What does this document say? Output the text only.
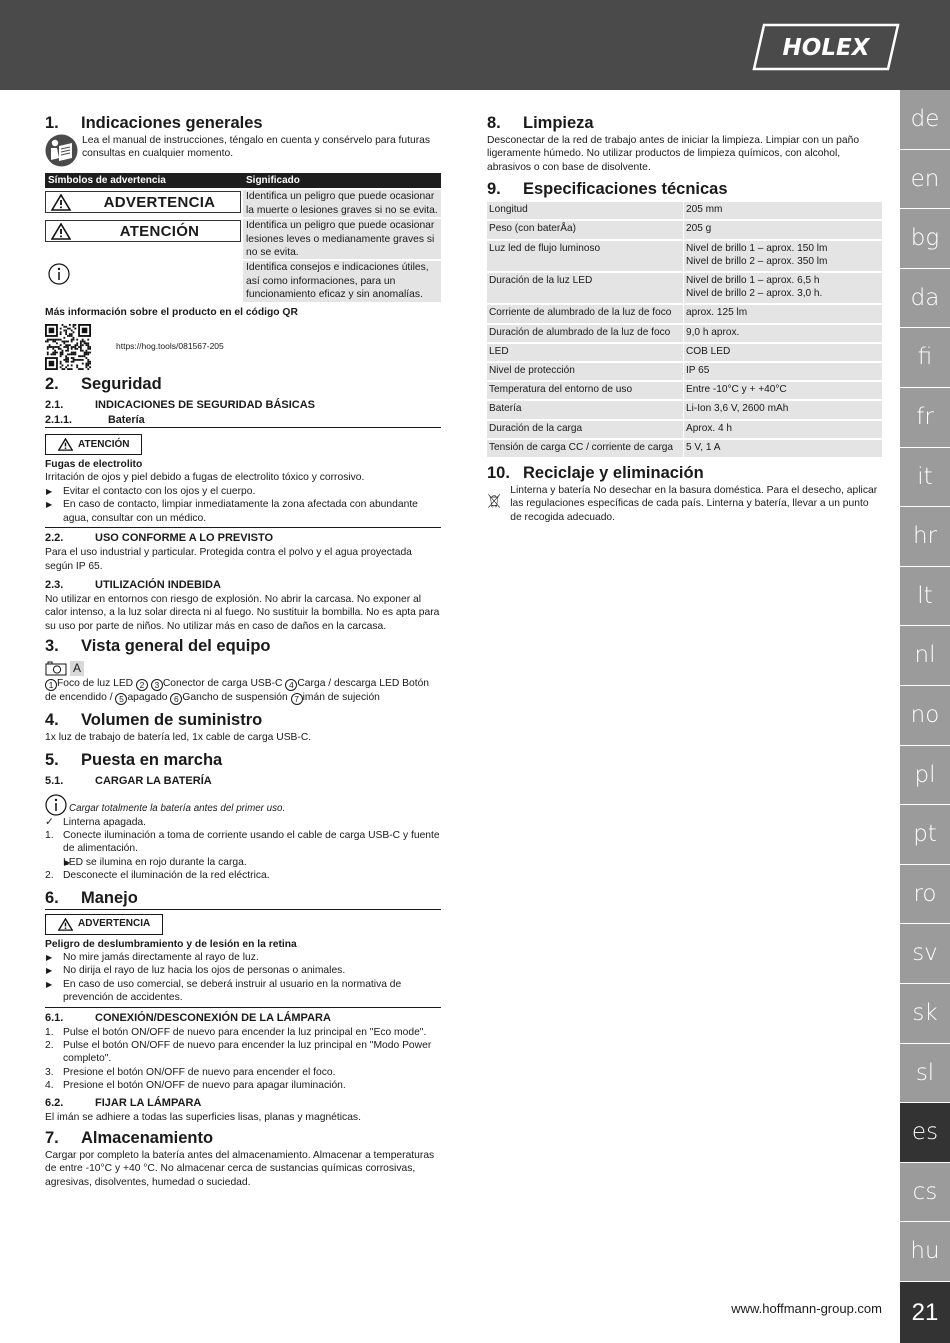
HOLEX
de
en
bg
da
fi
fr
it
hr
lt
nl
no
pl
pt
ro
sv
sk
sl
es
cs
hu
www.hoffmann-group.com	21
1.	Indicaciones generales

Lea el manual de instrucciones, téngalo en cuenta y consérvelo para futuras consultas en cualquier momento.

Símbolos de advertencia	Significado

ADVERTENCIA	Identifica un peligro que puede ocasionar la muerte o lesiones graves si no se evita.

ATENCIÓN	Identifica un peligro que puede ocasionar lesiones leves o medianamente graves si no se evita.
	Identifica consejos e indicaciones útiles, así como informaciones, para un funcionamiento eficaz y sin anomalías.

Más información sobre el producto en el código QR

https://hog.tools/081567-205
2.	Seguridad
2.1.	INDICACIONES DE SEGURIDAD BÁSICAS
2.1.1.	Batería
ATENCIÓN

Fugas de electrolito

Irritación de ojos y piel debido a fugas de electrolito tóxico y corrosivo.

▶ Evitar el contacto con los ojos y el cuerpo.
▶ En caso de contacto, limpiar inmediatamente la zona afectada con abundante agua, consultar con un médico.
2.2.	USO CONFORME A LO PREVISTO

Para el uso industrial y particular. Protegida contra el polvo y el agua proyectada según IP 65.

2.3.	UTILIZACIÓN INDEBIDA

No utilizar en entornos con riesgo de explosión. No abrir la carcasa. No exponer al calor intenso, a la luz solar directa ni al fuego. No sustituir la bombilla. No es apta para su uso por parte de niños. No utilizar más en caso de daños en la carcasa.

3.	Vista general del equipo
A

1 Foco de luz LED 2 3 Conector de carga USB-C 4 Carga / descarga LED Botón de encendido / 5 apagado 6 Gancho de suspensión 7 imán de sujeción

4.	Volumen de suministro

1x luz de trabajo de batería led, 1x cable de carga USB-C.

5.	Puesta en marcha
5.1.	CARGAR LA BATERÍA
Cargar totalmente la batería antes del primer uso.

✓ Linterna apagada.

1. Conecte iluminación a toma de corriente usando el cable de carga USB-C y fuente de alimentación.
▶ LED se ilumina en rojo durante la carga.
2. Desconecte el iluminación de la red eléctrica.
6.	Manejo
ADVERTENCIA

Peligro de deslumbramiento y de lesión en la retina

▶ No mire jamás directamente al rayo de luz.
▶ No dirija el rayo de luz hacia los ojos de personas o animales.
▶ En caso de uso comercial, se deberá instruir al usuario en la normativa de prevención de accidentes.
6.1.	CONEXIÓN/DESCONEXIÓN DE LA LÁMPARA
1. Pulse el botón ON/OFF de nuevo para encender la luz principal en "Eco mode".
2. Pulse el botón ON/OFF de nuevo para encender la luz principal en "Modo Power completo".
3. Presione el botón ON/OFF de nuevo para encender el foco.
4. Presione el botón ON/OFF de nuevo para apagar iluminación.
6.2.	FIJAR LA LÁMPARA

El imán se adhiere a todas las superficies lisas, planas y magnéticas.

7.	Almacenamiento

Cargar por completo la batería antes del almacenamiento. Almacenar a temperaturas de entre -10°C y +40 °C. No almacenar cerca de sustancias químicas corrosivas, agresivas, disolventes, humedad o suciedad.

8.	Limpieza

Desconectar de la red de trabajo antes de iniciar la limpieza. Limpiar con un paño ligeramente húmedo. No utilizar productos de limpieza químicos, con alcohol, abrasivos o con base de disolvente.

9.	Especificaciones técnicas
Longitud	205 mm
Peso (con baterÅa)	205 g
Luz led de flujo luminoso	Nivel de brillo 1 – aprox. 150 lm
Nivel de brillo 2 – aprox. 350 lm
Duración de la luz LED	Nivel de brillo 1 – aprox. 6,5 h
Nivel de brillo 2 – aprox. 3,0 h.
Corriente de alumbrado de la luz de foco	aprox. 125 lm
Duración de alumbrado de la luz de foco	9,0 h aprox.
LED	COB LED
Nivel de protección	IP 65
Temperatura del entorno de uso	Entre -10°C y + +40°C
Batería	Li-Ion 3,6 V, 2600 mAh
Duración de la carga	Aprox. 4 h
Tensión de carga CC / corriente de carga	5 V, 1 A
10. Reciclaje y eliminación

Linterna y batería No desechar en la basura doméstica. Para el desecho, aplicar las regulaciones específicas de cada país. Linterna y batería, llevar a un punto de recogida adecuado.
